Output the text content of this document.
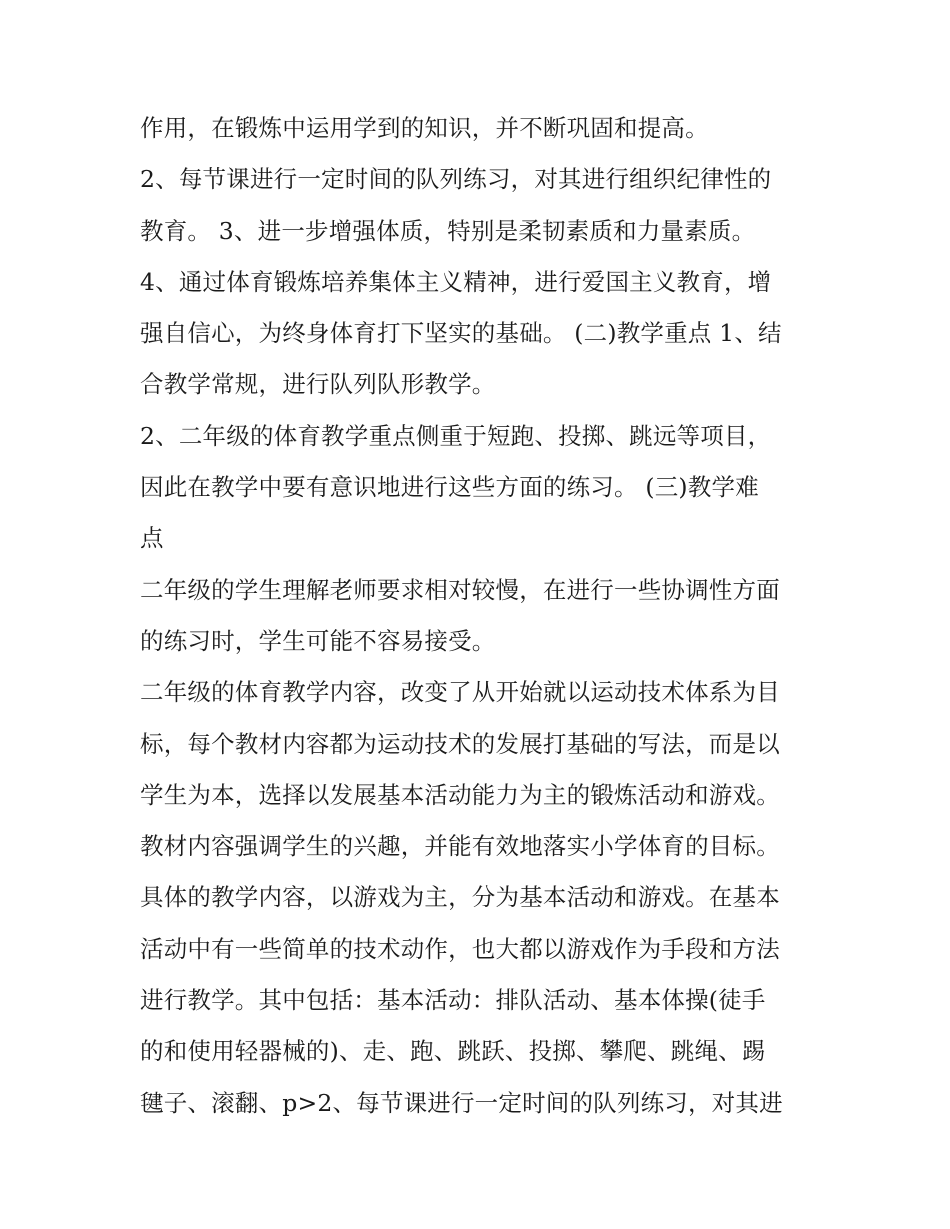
作用，在锻炼中运用学到的知识，并不断巩固和提高。
2、每节课进行一定时间的队列练习，对其进行组织纪律性的
教育。 3、进一步增强体质，特别是柔韧素质和力量素质。
4、通过体育锻炼培养集体主义精神，进行爱国主义教育，增
强自信心，为终身体育打下坚实的基础。 (二)教学重点 1、结
合教学常规，进行队列队形教学。
2、二年级的体育教学重点侧重于短跑、投掷、跳远等项目，
因此在教学中要有意识地进行这些方面的练习。 (三)教学难
点
二年级的学生理解老师要求相对较慢，在进行一些协调性方面
的练习时，学生可能不容易接受。
二年级的体育教学内容，改变了从开始就以运动技术体系为目
标，每个教材内容都为运动技术的发展打基础的写法，而是以
学生为本，选择以发展基本活动能力为主的锻炼活动和游戏。
教材内容强调学生的兴趣，并能有效地落实小学体育的目标。
具体的教学内容，以游戏为主，分为基本活动和游戏。在基本
活动中有一些简单的技术动作，也大都以游戏作为手段和方法
进行教学。其中包括：基本活动：排队活动、基本体操(徒手
的和使用轻器械的)、走、跑、跳跃、投掷、攀爬、跳绳、踢
毽子、滚翻、p>2、每节课进行一定时间的队列练习，对其进
